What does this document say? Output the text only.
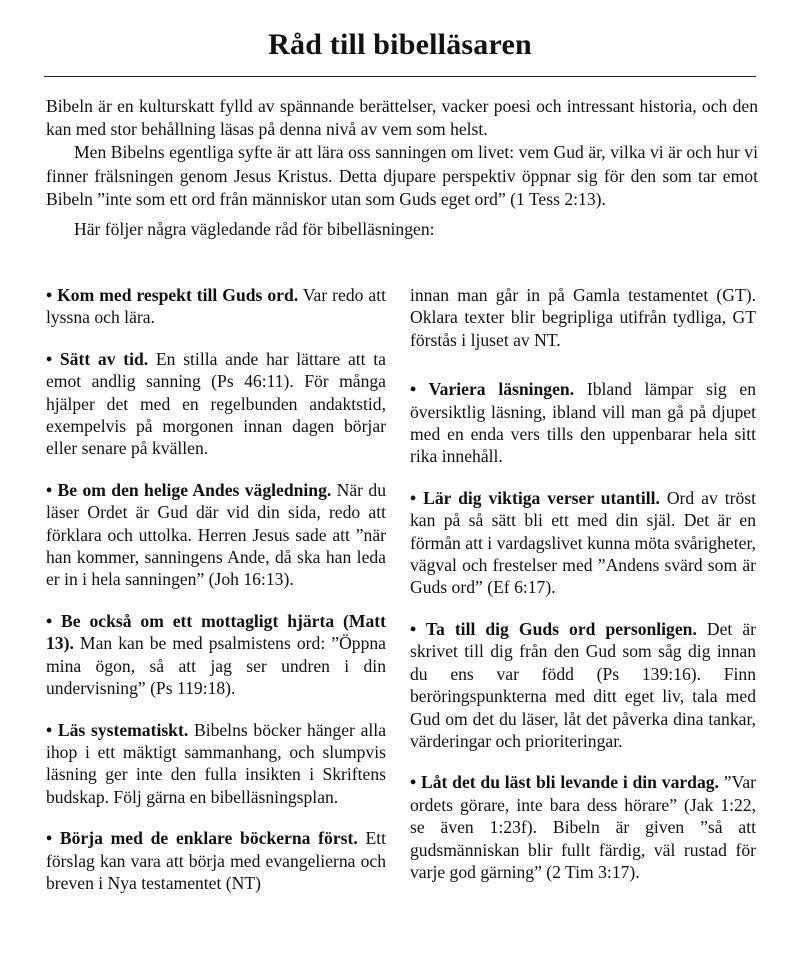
Råd till bibelläsaren

Bibeln är en kulturskatt fylld av spännande berättelser, vacker poesi och intressant historia, och den kan med stor behållning läsas på denna nivå av vem som helst.

Men Bibelns egentliga syfte är att lära oss sanningen om livet: vem Gud är, vilka vi är och hur vi finner frälsningen genom Jesus Kristus. Detta djupare perspektiv öppnar sig för den som tar emot Bibeln ”inte som ett ord från människor utan som Guds eget ord” (1 Tess 2:13).

Här följer några vägledande råd för bibelläsningen:

• Kom med respekt till Guds ord. Var redo att lyssna och lära.

• Sätt av tid. En stilla ande har lättare att ta emot andlig sanning (Ps 46:11). För många hjälper det med en regelbunden andaktstid, exempelvis på morgonen innan dagen börjar eller senare på kvällen.

• Be om den helige Andes vägledning. När du läser Ordet är Gud där vid din sida, redo att förklara och uttolka. Herren Jesus sade att ”när han kommer, sanningens Ande, då ska han leda er in i hela sanningen” (Joh 16:13).

• Be också om ett mottagligt hjärta (Matt 13). Man kan be med psalmistens ord: ”Öppna mina ögon, så att jag ser undren i din undervisning” (Ps 119:18).

• Läs systematiskt. Bibelns böcker hänger alla ihop i ett mäktigt sammanhang, och slumpvis läsning ger inte den fulla insikten i Skriftens budskap. Följ gärna en bibelläsningsplan.

• Börja med de enklare böckerna först. Ett förslag kan vara att börja med evangelierna och breven i Nya testamentet (NT)

innan man går in på Gamla testamentet (GT). Oklara texter blir begripliga utifrån tydliga, GT förstås i ljuset av NT.

• Variera läsningen. Ibland lämpar sig en översiktlig läsning, ibland vill man gå på djupet med en enda vers tills den uppenbarar hela sitt rika innehåll.

• Lär dig viktiga verser utantill. Ord av tröst kan på så sätt bli ett med din själ. Det är en förmån att i vardagslivet kunna möta svårigheter, vägval och frestelser med ”Andens svärd som är Guds ord” (Ef 6:17).

• Ta till dig Guds ord personligen. Det är skrivet till dig från den Gud som såg dig innan du ens var född (Ps 139:16). Finn beröringspunkterna med ditt eget liv, tala med Gud om det du läser, låt det påverka dina tankar, värderingar och prioriteringar.

• Låt det du läst bli levande i din vardag. ”Var ordets görare, inte bara dess hörare” (Jak 1:22, se även 1:23f). Bibeln är given ”så att gudsmänniskan blir fullt färdig, väl rustad för varje god gärning” (2 Tim 3:17).
